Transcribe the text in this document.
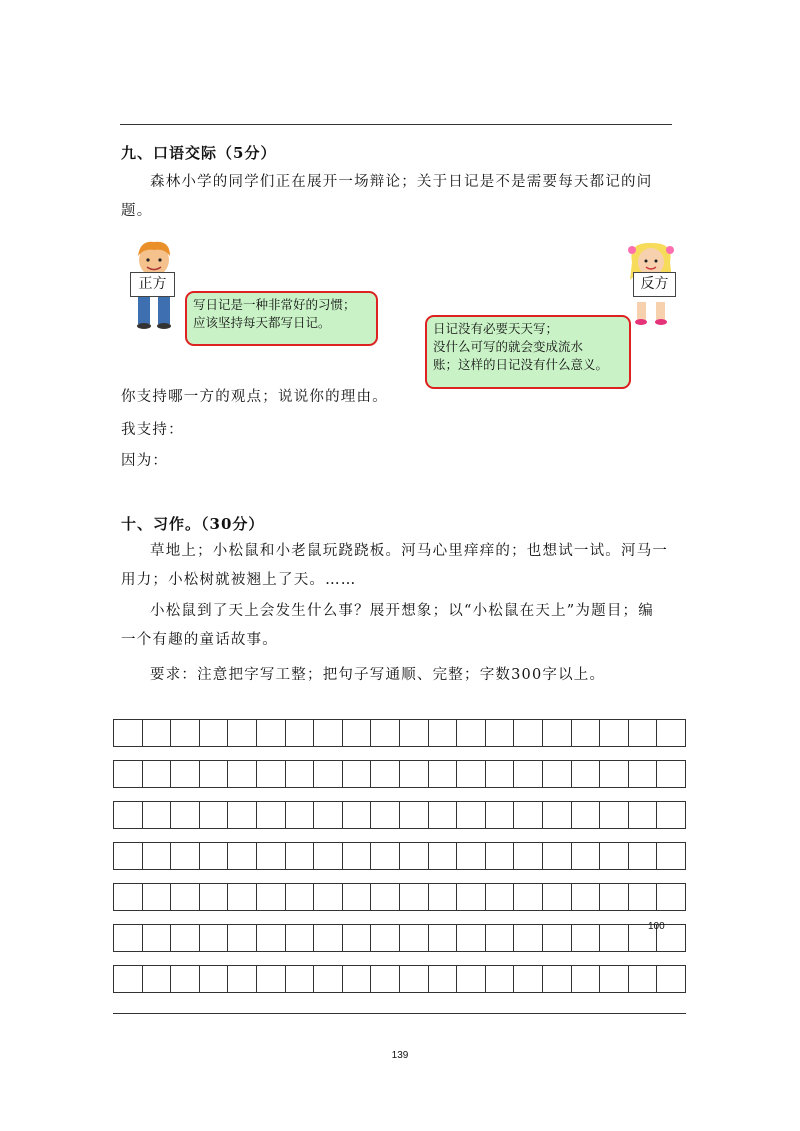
九、口语交际（5分）
森林小学的同学们正在展开一场辩论；关于日记是不是需要每天都记的问
题。
正方
写日记是一种非常好的习惯；
应该坚持每天都写日记。
反方
日记没有必要天天写；
没什么可写的就会变成流水
账；这样的日记没有什么意义。
你支持哪一方的观点；说说你的理由。
我支持：
因为：
十、习作。（30分）
草地上；小松鼠和小老鼠玩跷跷板。河马心里痒痒的；也想试一试。河马一
用力；小松树就被翘上了天。……
小松鼠到了天上会发生什么事？展开想象；以“小松鼠在天上”为题目；编
一个有趣的童话故事。
要求：注意把字写工整；把句子写通顺、完整；字数300字以上。
100
139
